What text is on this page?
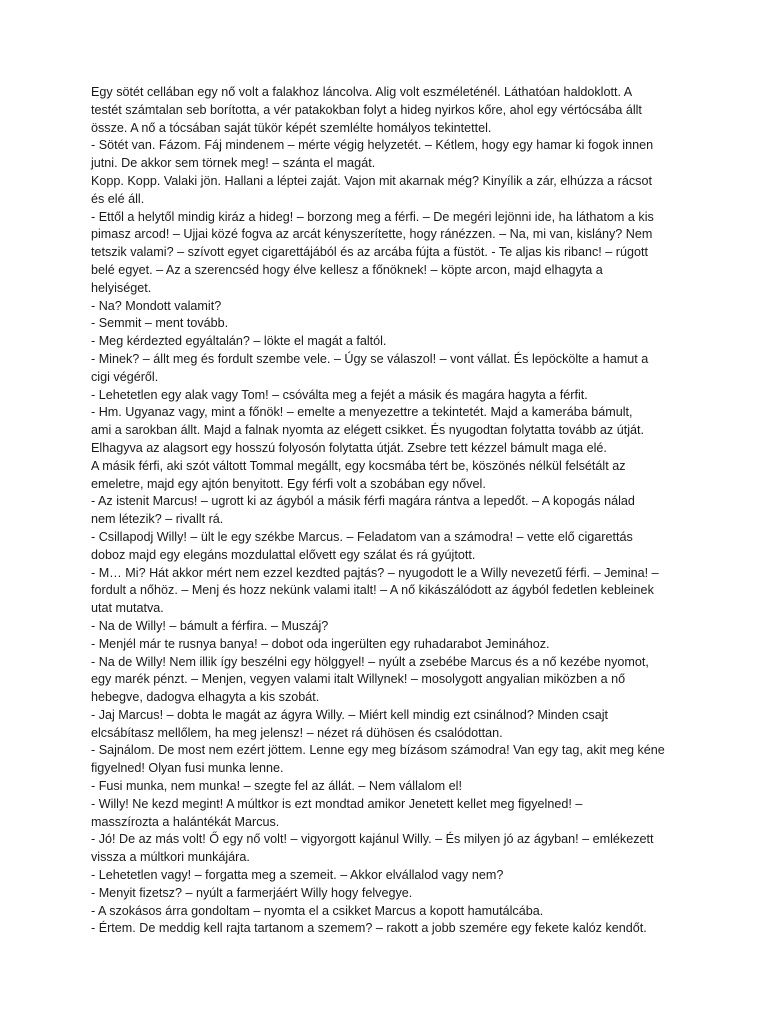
Egy sötét cellában egy nő volt a falakhoz láncolva. Alig volt eszméleténél. Láthatóan haldoklott. A
testét számtalan seb borította, a vér patakokban folyt a hideg nyirkos kőre, ahol egy vértócsába állt
össze. A nő a tócsában saját tükör képét szemlélte homályos tekintettel.
- Sötét van. Fázom. Fáj mindenem – mérte végig helyzetét. – Kétlem, hogy egy hamar ki fogok innen
jutni. De akkor sem törnek meg! – szánta el magát.
Kopp. Kopp. Valaki jön. Hallani a léptei zaját. Vajon mit akarnak még? Kinyílik a zár, elhúzza a rácsot
és elé áll.
- Ettől a helytől mindig kiráz a hideg! – borzong meg a férfi. – De megéri lejönni ide, ha láthatom a kis
pimasz arcod! – Ujjai közé fogva az arcát kényszerítette, hogy ránézzen. – Na, mi van, kislány? Nem
tetszik valami? – szívott egyet cigarettájából és az arcába fújta a füstöt. - Te aljas kis ribanc! – rúgott
belé egyet. – Az a szerencséd hogy élve kellesz a főnöknek! – köpte arcon, majd elhagyta a
helyiséget.
- Na? Mondott valamit?
- Semmit – ment tovább.
- Meg kérdezted egyáltalán? – lökte el magát a faltól.
- Minek? – állt meg és fordult szembe vele. – Úgy se válaszol! – vont vállat. És lepöckölte a hamut a
cigi végéről.
- Lehetetlen egy alak vagy Tom! – csóválta meg a fejét a másik és magára hagyta a férfit.
- Hm. Ugyanaz vagy, mint a főnök! – emelte a menyezettre a tekintetét. Majd a kamerába bámult,
ami a sarokban állt. Majd a falnak nyomta az elégett csikket. És nyugodtan folytatta tovább az útját.
Elhagyva az alagsort egy hosszú folyosón folytatta útját. Zsebre tett kézzel bámult maga elé.
A másik férfi, aki szót váltott Tommal megállt, egy kocsmába tért be, köszönés nélkül felsétált az
emeletre, majd egy ajtón benyitott. Egy férfi volt a szobában egy nővel.
- Az istenit Marcus! – ugrott ki az ágyból a másik férfi magára rántva a lepedőt. – A kopogás nálad
nem létezik? – rivallt rá.
- Csillapodj Willy! – ült le egy székbe Marcus. – Feladatom van a számodra! – vette elő cigarettás
doboz majd egy elegáns mozdulattal elővett egy szálat és rá gyújtott.
- M… Mi? Hát akkor mért nem ezzel kezdted pajtás? – nyugodott le a Willy nevezetű férfi. – Jemina! –
fordult a nőhöz. – Menj és hozz nekünk valami italt! – A nő kikászálódott az ágyból fedetlen kebleinek
utat mutatva.
- Na de Willy! – bámult a férfira. – Muszáj?
- Menjél már te rusnya banya! – dobot oda ingerülten egy ruhadarabot Jeminához.
- Na de Willy! Nem illik így beszélni egy hölggyel! – nyúlt a zsebébe Marcus és a nő kezébe nyomot,
egy marék pénzt. – Menjen, vegyen valami italt Willynek! – mosolygott angyalian miközben a nő
hebegve, dadogva elhagyta a kis szobát.
- Jaj Marcus! – dobta le magát az ágyra Willy. – Miért kell mindig ezt csinálnod? Minden csajt
elcsábítasz mellőlem, ha meg jelensz! – nézet rá dühösen és csalódottan.
- Sajnálom. De most nem ezért jöttem. Lenne egy meg bízásom számodra! Van egy tag, akit meg kéne
figyelned! Olyan fusi munka lenne.
- Fusi munka, nem munka! – szegte fel az állát. – Nem vállalom el!
- Willy! Ne kezd megint! A múltkor is ezt mondtad amikor Jenetett kellet meg figyelned! –
masszírozta a halántékát Marcus.
- Jó! De az más volt! Ő egy nő volt! – vigyorgott kajánul Willy. – És milyen jó az ágyban! – emlékezett
vissza a múltkori munkájára.
- Lehetetlen vagy! – forgatta meg a szemeit. – Akkor elvállalod vagy nem?
- Menyit fizetsz? – nyúlt a farmerjáért Willy hogy felvegye.
- A szokásos árra gondoltam – nyomta el a csikket Marcus a kopott hamutálcába.
- Értem. De meddig kell rajta tartanom a szemem? – rakott a jobb szemére egy fekete kalóz kendőt.
